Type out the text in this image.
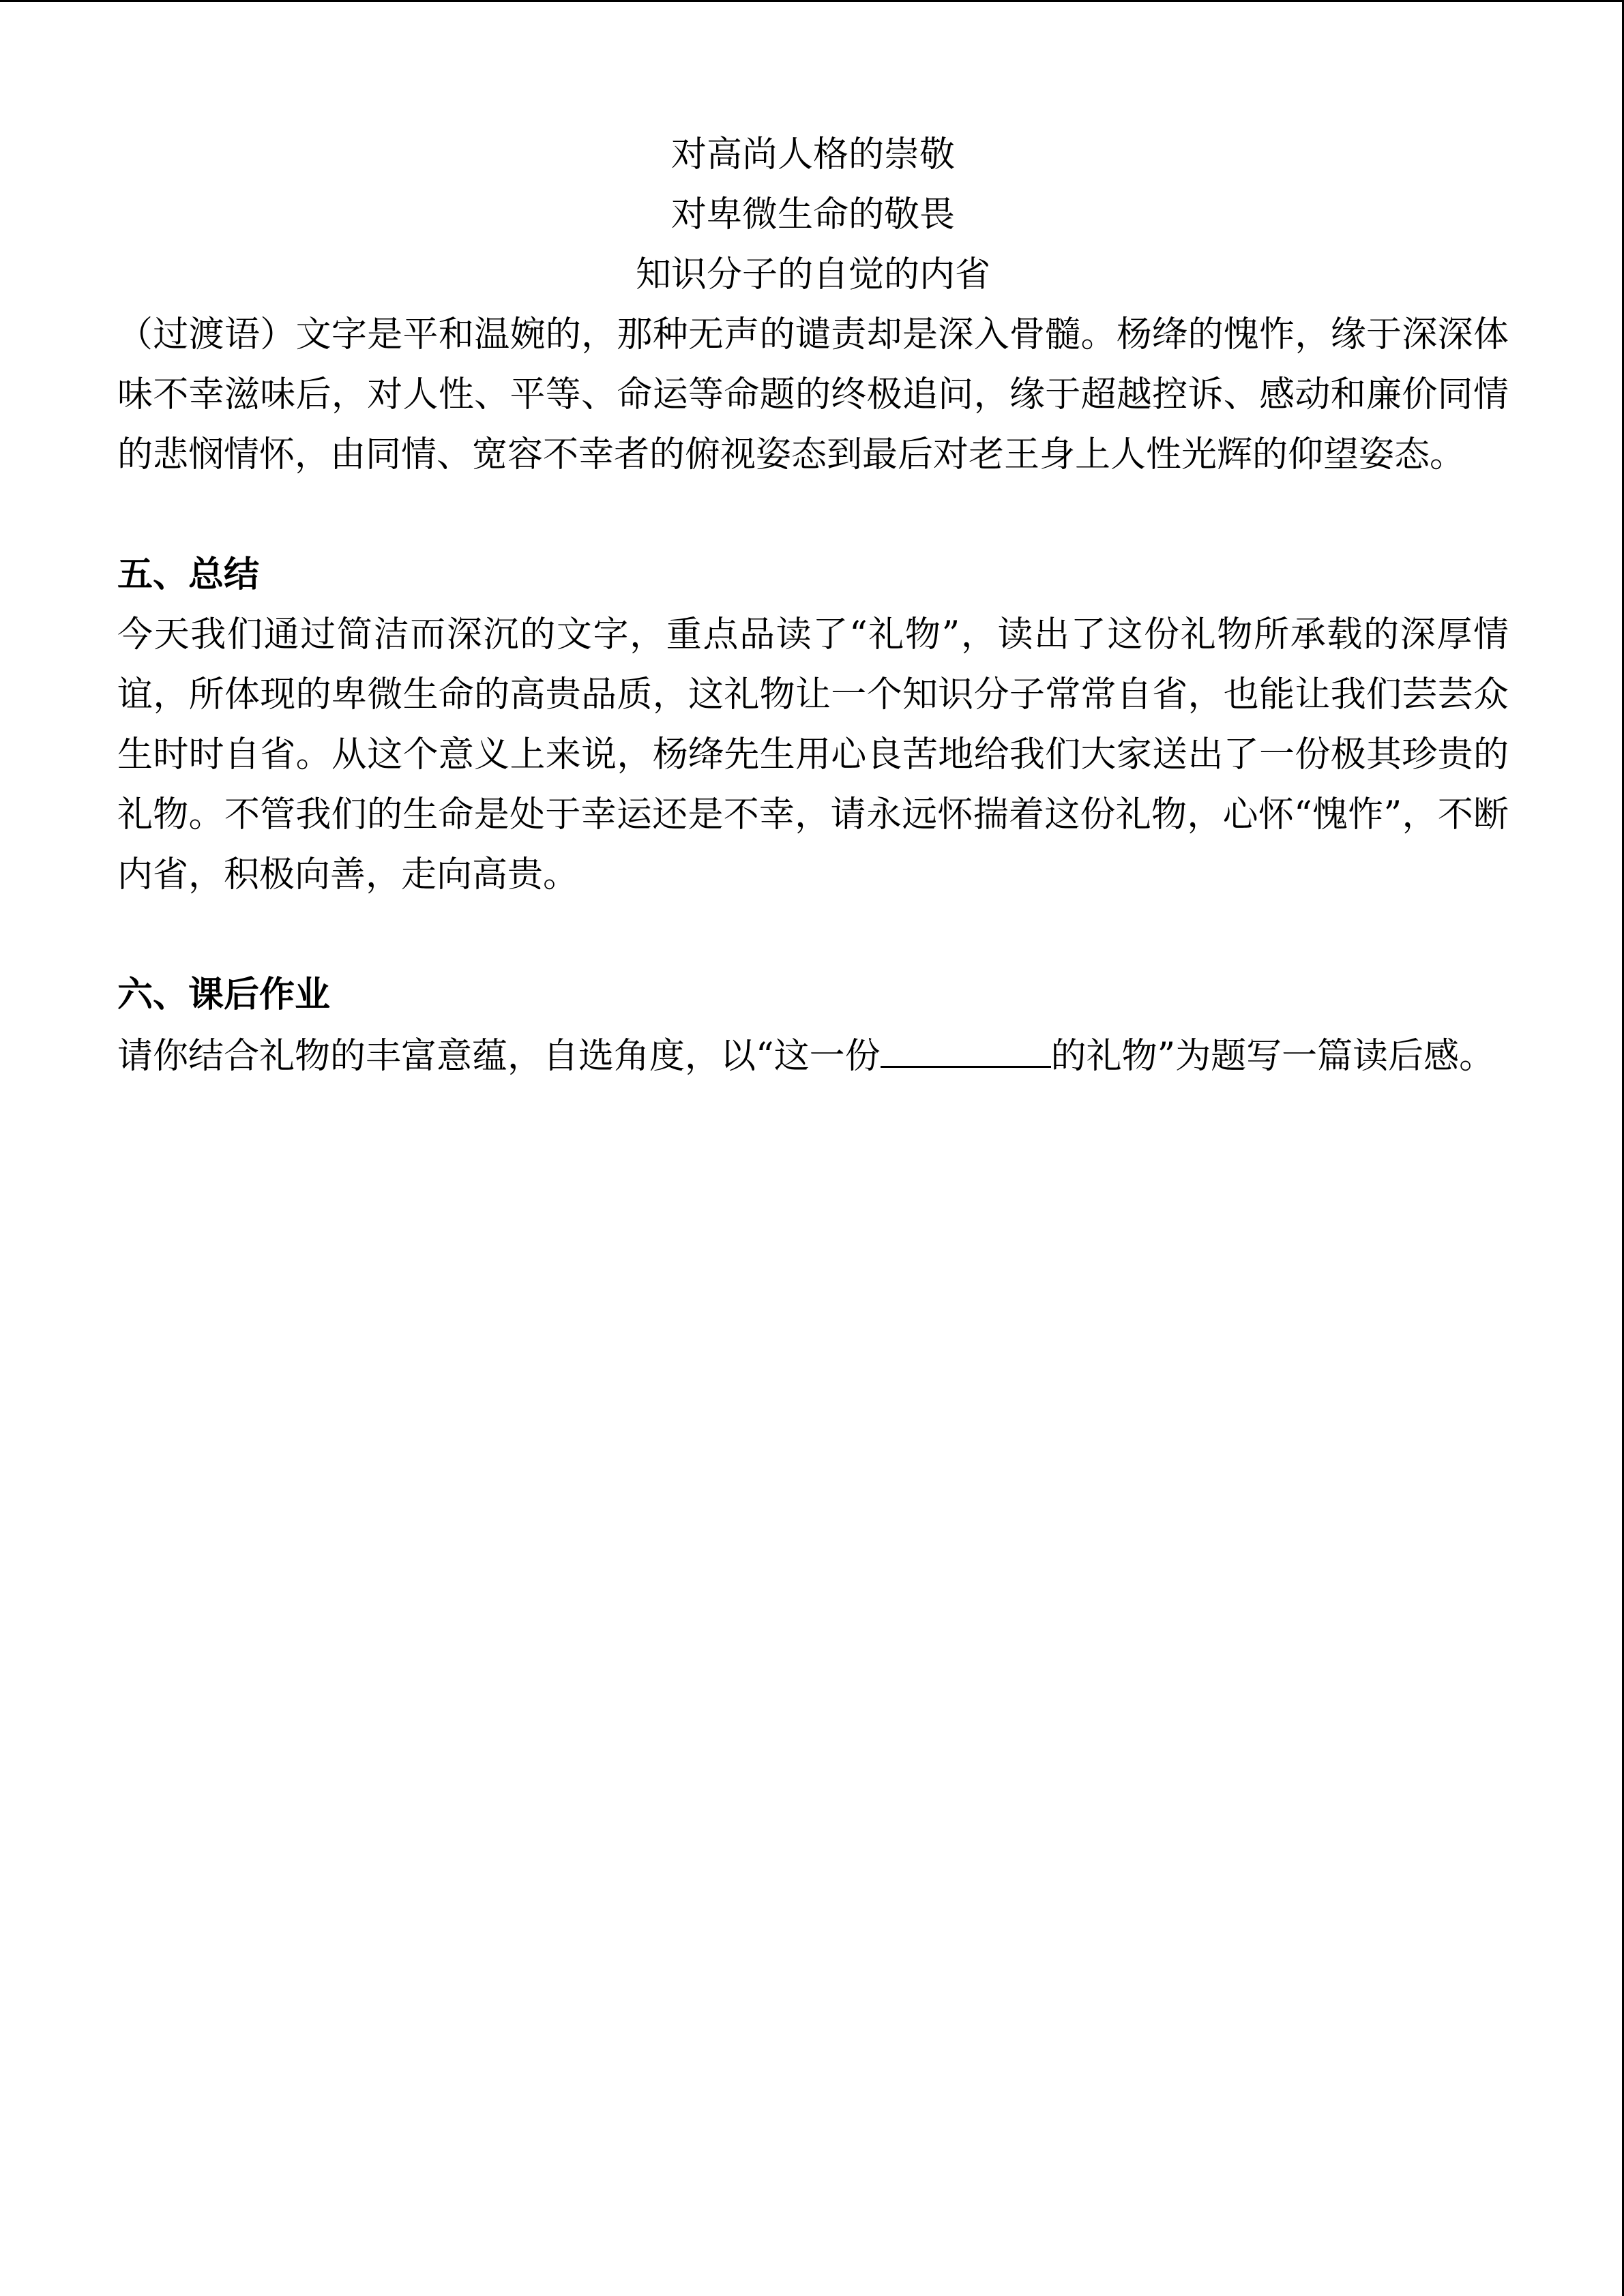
对高尚人格的崇敬
对卑微生命的敬畏
知识分子的自觉的内省

（过渡语）文字是平和温婉的，那种无声的谴责却是深入骨髓。杨绛的愧怍，缘于深深体味不幸滋味后，对人性、平等、命运等命题的终极追问，缘于超越控诉、感动和廉价同情的悲悯情怀，由同情、宽容不幸者的俯视姿态到最后对老王身上人性光辉的仰望姿态。

五、总结

今天我们通过简洁而深沉的文字，重点品读了“礼物”，读出了这份礼物所承载的深厚情谊，所体现的卑微生命的高贵品质，这礼物让一个知识分子常常自省，也能让我们芸芸众生时时自省。从这个意义上来说，杨绛先生用心良苦地给我们大家送出了一份极其珍贵的礼物。不管我们的生命是处于幸运还是不幸，请永远怀揣着这份礼物，心怀“愧怍”，不断内省，积极向善，走向高贵。

六、课后作业

请你结合礼物的丰富意蕴，自选角度，以“这一份	的礼物”为题写一篇读后感。
